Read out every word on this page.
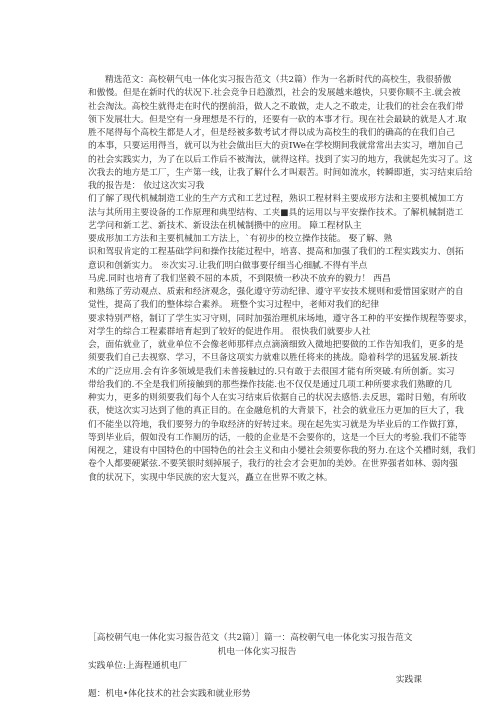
精选范文：高校朝气电一体化实习报告范文（共2篇）作为一名新时代的高校生，我很骄傲
和傲慢。但是在新时代的状况下.社会竞争日趋激烈，社会的发展越来越快，只要你顺不主.就会被
社会淘汰。高校生就得走在时代的摆前沿，做人之不敢做，走人之不敢走，让我们的社会在我们带
领下发展壮大。但是空有一身理想是不行的，还要有一砍的本事才行。现在社会最缺的就是人才.取
胜不尾得每个高校生都是人才，但是经被多数考试才得以成为高校生的我们的确高的在我们自己
的本事，只要运用得当，就可以为社会做出巨大的贡IWe在学校期间我就常常出去实习，增加自己
的社会实践实力，为了在以后工作后不被淘汰，就得这样。找到了实习的地方，我就起先实习了。这
次我去的地方是工厂，生产第一线，让我了解什么才叫艰苦。时间如流水，转瞬即逝，实习结束后给
我的报告是： 依过这次实习我
们了解了现代机械制造工业的生产方式和工艺过程，熟识工程材料主要成形方法和主要机械加工方
法与其所用主要设备的工作原理和典型结构、工夹■具的运用以与平安操作技术。了解机械制造工
艺学问和新工艺、新技术、新设法在机械制攒中的应用。 障工程材队主
要成形加工方法和主要机械加工方法上，`有初步的校立操作技能。 娶了解、熟
识和驾驭肯定的工程基础学问和操作技能过程中，培喜、提高和加强了我们的工程实践实力、创拓
意识和创新实力。 ※次实习.让我们明白做事要仔细当心细腻.不得有半点
马虎.同时也培育了我们坚毅不屈的本质，不到限愤一秒决不放弃的毅力！ 西昌
和熟练了劳动观点、质索和经济观念，强化遵守劳动纪律、遵守平安技术规则和爱惜国家财产的自
觉性，提高了我们的整体综合素养。 班整个实习过程中，老师对我们的纪律
要求特别严格，制订了学生实习守则，同时加强治理机床场地，遵守各工种的平安操作规程等要求，
对学生的综合工程素群培育起到了较好的促进作用。 很快我们就要步人社
会，面佑就业了，就业单位不会像老师那样点点滴滴细致入微地把要做的工作告知我们，更多的是
须要我们自己去视察、学习，不旦备这项实力就难以胜任将来的挑战。隐着科学的迅猛发展.新技
术的广泛应用.会有许多领域是我们未普接触过的.只有敢于去很国才能有所突破.有所创新。实习
带给我们的.不全是我们所接触到的那些操作技能.也不仅仅是通过几项工种所要求我们熟瞭的几
种实力，更多的则须要我们每个人在实习结束后依据自己的状况去感悟.去反思，霜时日勉，有所收
获，使这次实习达到了他的真正目的。在金融危机的大背景下，社会的就业压力更加的巨大了，我
们不能坐以符地，我们要努力的争取经济的好转过来。现在起先实习就是为毕业后的工作做打算，
等到毕业后，假如没有工作厕历的话，一般的企业是不会要你的，这是一个巨大的考验.我们不能等
闲视之，建设有中国特色的中国特色的社会主义和由小變社会须要你我的努力.在这个关槽时刻，我们
卷个人都要硬紧弦.不要笑银时刻掉展子，我行的社会才会更加的美妙。在世界强者如林、弱肉强
食的状况下，实现中华民族的宏大复兴，矗立在世界不败之林。
［高校朝气电一体化实习报告范文（共2篇）］篇一：高校朝气电一体化实习报告范文
机电一体化实习报告
实践单位:上海程通机电厂
实践课
题：机电•体化技术的社会实践和就业形势
